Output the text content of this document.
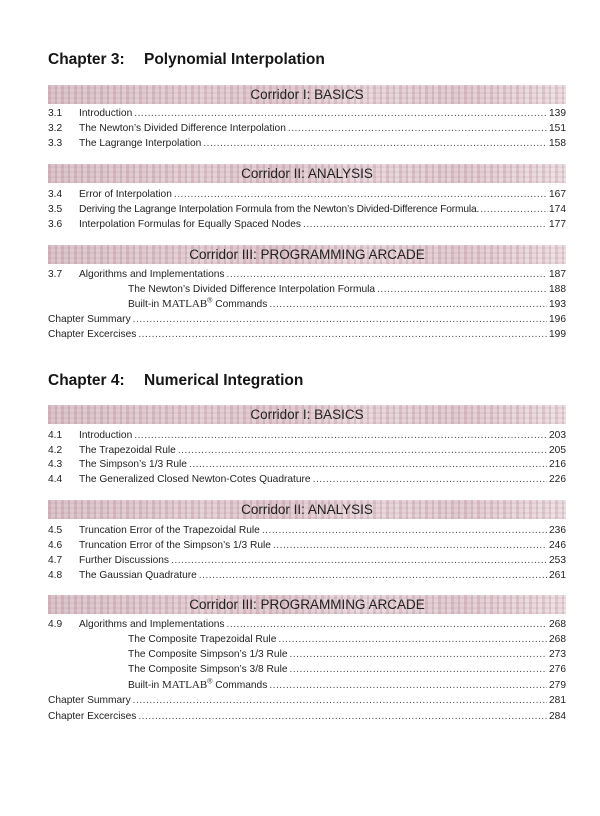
Chapter 3: Polynomial Interpolation
Corridor I: BASICS
3.1	Introduction .....	139
3.2	The Newton’s Divided Difference Interpolation .....	151
3.3	The Lagrange Interpolation .....	158
Corridor II: ANALYSIS
3.4	Error of Interpolation .....	167
3.5	Deriving the Lagrange Interpolation Formula from the Newton’s Divided-Difference Formula. .....	174
3.6	Interpolation Formulas for Equally Spaced Nodes .....	177
Corridor III: PROGRAMMING ARCADE
3.7	Algorithms and Implementations .....	187
The Newton’s Divided Difference Interpolation Formula .....	188
Built-in MATLAB® Commands .....	193
Chapter Summary .....	196
Chapter Excercises .....	199
Chapter 4: Numerical Integration
Corridor I: BASICS
4.1	Introduction .....	203
4.2	The Trapezoidal Rule .....	205
4.3	The Simpson’s 1/3 Rule .....	216
4.4	The Generalized Closed Newton-Cotes Quadrature .....	226
Corridor II: ANALYSIS
4.5	Truncation Error of the Trapezoidal Rule .....	236
4.6	Truncation Error of the Simpson’s 1/3 Rule .....	246
4.7	Further Discussions .....	253
4.8	The Gaussian Quadrature .....	261
Corridor III: PROGRAMMING ARCADE
4.9	Algorithms and Implementations .....	268
The Composite Trapezoidal Rule .....	268
The Composite Simpson’s 1/3 Rule .....	273
The Composite Simpson’s 3/8 Rule .....	276
Built-in MATLAB® Commands .....	279
Chapter Summary .....	281
Chapter Excercises .....	284
